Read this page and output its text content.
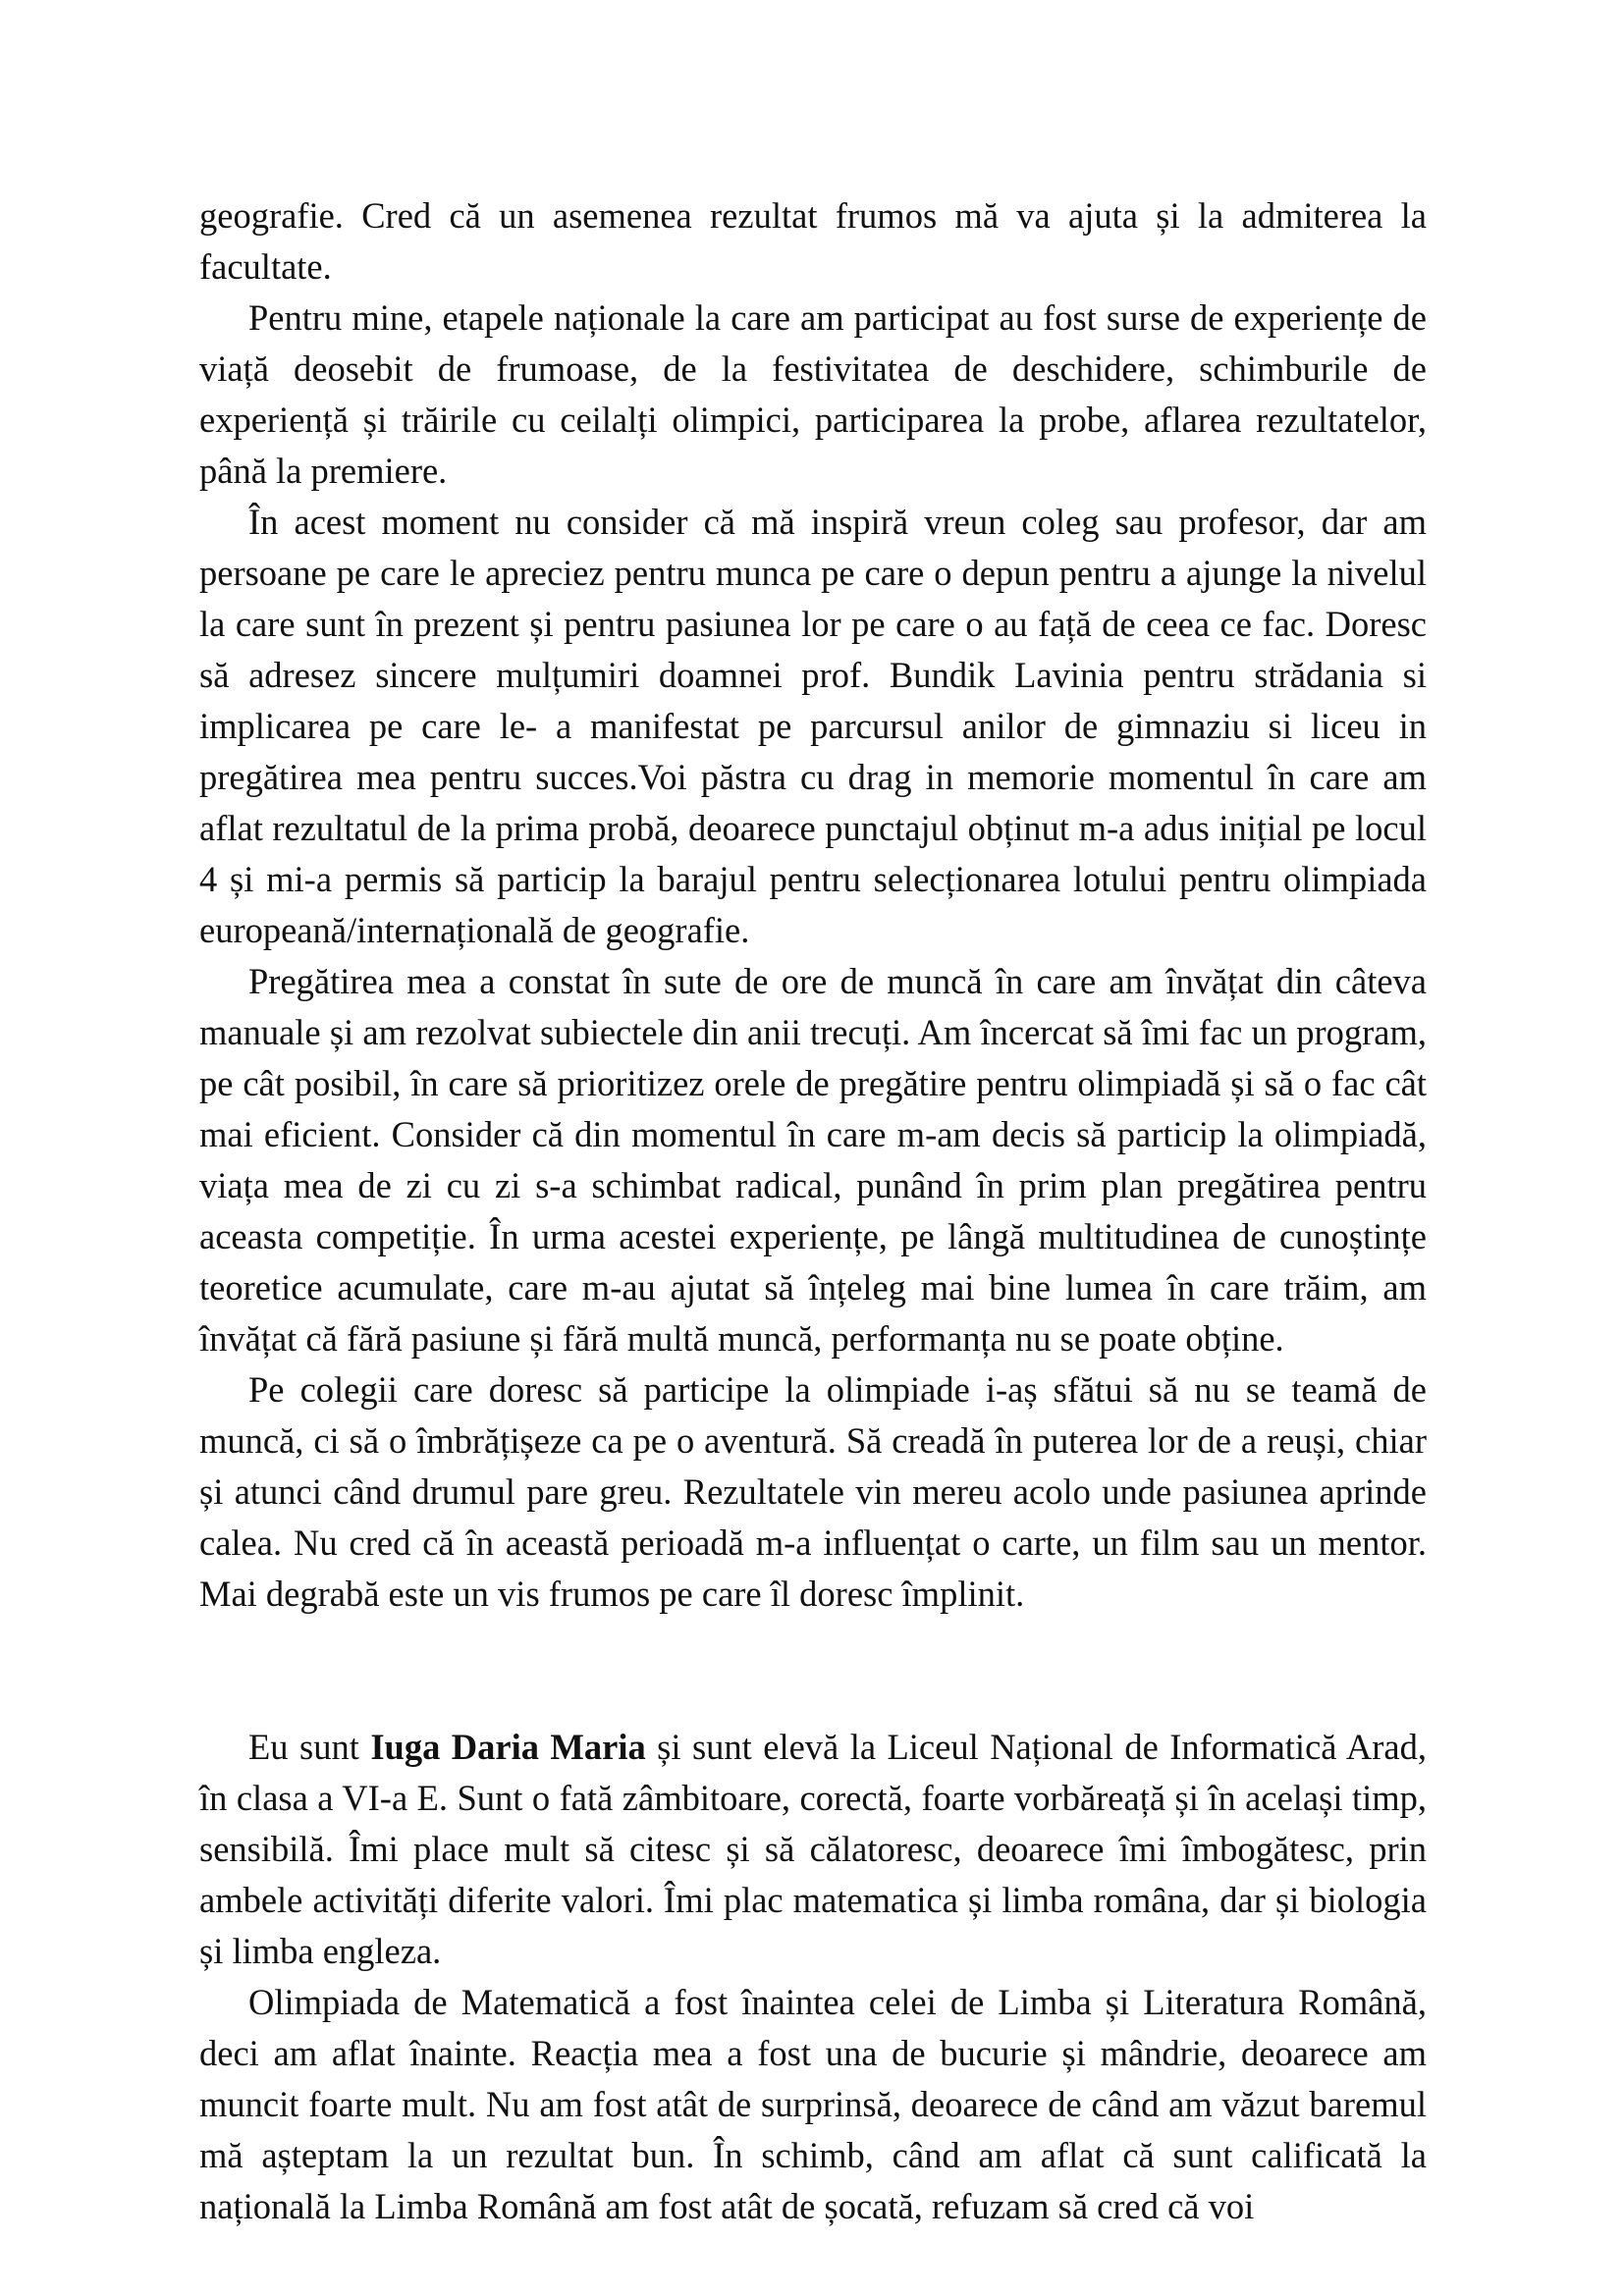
geografie. Cred că un asemenea rezultat frumos mă va ajuta și la admiterea la facultate.

Pentru mine, etapele naționale la care am participat au fost surse de experiențe de viață deosebit de frumoase, de la festivitatea de deschidere, schimburile de experiență și trăirile cu ceilalți olimpici, participarea la probe, aflarea rezultatelor, până la premiere.

În acest moment nu consider că mă inspiră vreun coleg sau profesor, dar am persoane pe care le apreciez pentru munca pe care o depun pentru a ajunge la nivelul la care sunt în prezent și pentru pasiunea lor pe care o au față de ceea ce fac. Doresc să adresez sincere mulțumiri doamnei prof. Bundik Lavinia pentru strădania si implicarea pe care le- a manifestat pe parcursul anilor de gimnaziu si liceu in pregătirea mea pentru succes.Voi păstra cu drag in memorie momentul în care am aflat rezultatul de la prima probă, deoarece punctajul obținut m-a adus inițial pe locul 4 și mi-a permis să particip la barajul pentru selecționarea lotului pentru olimpiada europeană/internațională de geografie.

Pregătirea mea a constat în sute de ore de muncă în care am învățat din câteva manuale și am rezolvat subiectele din anii trecuți. Am încercat să îmi fac un program, pe cât posibil, în care să prioritizez orele de pregătire pentru olimpiadă și să o fac cât mai eficient. Consider că din momentul în care m-am decis să particip la olimpiadă, viața mea de zi cu zi s-a schimbat radical, punând în prim plan pregătirea pentru aceasta competiție. În urma acestei experiențe, pe lângă multitudinea de cunoștințe teoretice acumulate, care m-au ajutat să înțeleg mai bine lumea în care trăim, am învățat că fără pasiune și fără multă muncă, performanța nu se poate obține.

Pe colegii care doresc să participe la olimpiade i-aș sfătui să nu se teamă de muncă, ci să o îmbrățișeze ca pe o aventură. Să creadă în puterea lor de a reuși, chiar și atunci când drumul pare greu. Rezultatele vin mereu acolo unde pasiunea aprinde calea. Nu cred că în această perioadă m-a influențat o carte, un film sau un mentor. Mai degrabă este un vis frumos pe care îl doresc împlinit.

Eu sunt Iuga Daria Maria și sunt elevă la Liceul Național de Informatică Arad, în clasa a VI-a E. Sunt o fată zâmbitoare, corectă, foarte vorbăreață și în același timp, sensibilă. Îmi place mult să citesc și să călatoresc, deoarece îmi îmbogătesc, prin ambele activități diferite valori. Îmi plac matematica și limba romȃna, dar și biologia și limba engleza.

Olimpiada de Matematică a fost înaintea celei de Limba și Literatura Română, deci am aflat înainte. Reacția mea a fost una de bucurie și mândrie, deoarece am muncit foarte mult. Nu am fost atât de surprinsă, deoarece de când am văzut baremul mă așteptam la un rezultat bun. În schimb, când am aflat că sunt calificată la națională la Limba Română am fost atât de șocată, refuzam să cred că voi
